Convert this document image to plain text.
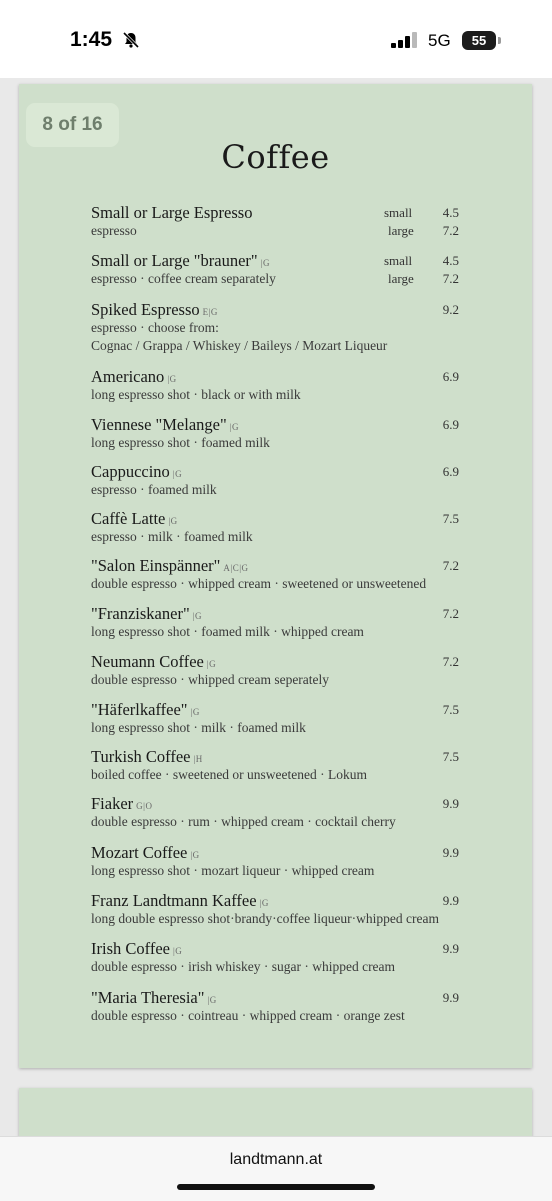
1:45	5G	55
8 of 16
Coffee
Small or Large Espresso	small 4.5
espresso	large 7.2
Small or Large "brauner" |G	small 4.5
espresso · coffee cream separately	large 7.2
Spiked Espresso E|G	9.2
espresso · choose from:
Cognac / Grappa / Whiskey / Baileys / Mozart Liqueur
Americano |G	6.9
long espresso shot · black or with milk
Viennese "Melange" |G	6.9
long espresso shot · foamed milk
Cappuccino |G	6.9
espresso · foamed milk
Caffè Latte |G	7.5
espresso · milk · foamed milk
"Salon Einspänner" A|C|G	7.2
double espresso · whipped cream · sweetened or unsweetened
"Franziskaner" |G	7.2
long espresso shot · foamed milk · whipped cream
Neumann Coffee |G	7.2
double espresso · whipped cream seperately
"Häferlkaffee" |G	7.5
long espresso shot · milk · foamed milk
Turkish Coffee |H	7.5
boiled coffee · sweetened or unsweetened · Lokum
Fiaker G|O	9.9
double espresso · rum · whipped cream · cocktail cherry
Mozart Coffee |G	9.9
long espresso shot · mozart liqueur · whipped cream
Franz Landtmann Kaffee |G	9.9
long double espresso shot·brandy·coffee liqueur·whipped cream
Irish Coffee |G	9.9
double espresso · irish whiskey · sugar · whipped cream
"Maria Theresia" |G	9.9
double espresso · cointreau · whipped cream · orange zest
landtmann.at
